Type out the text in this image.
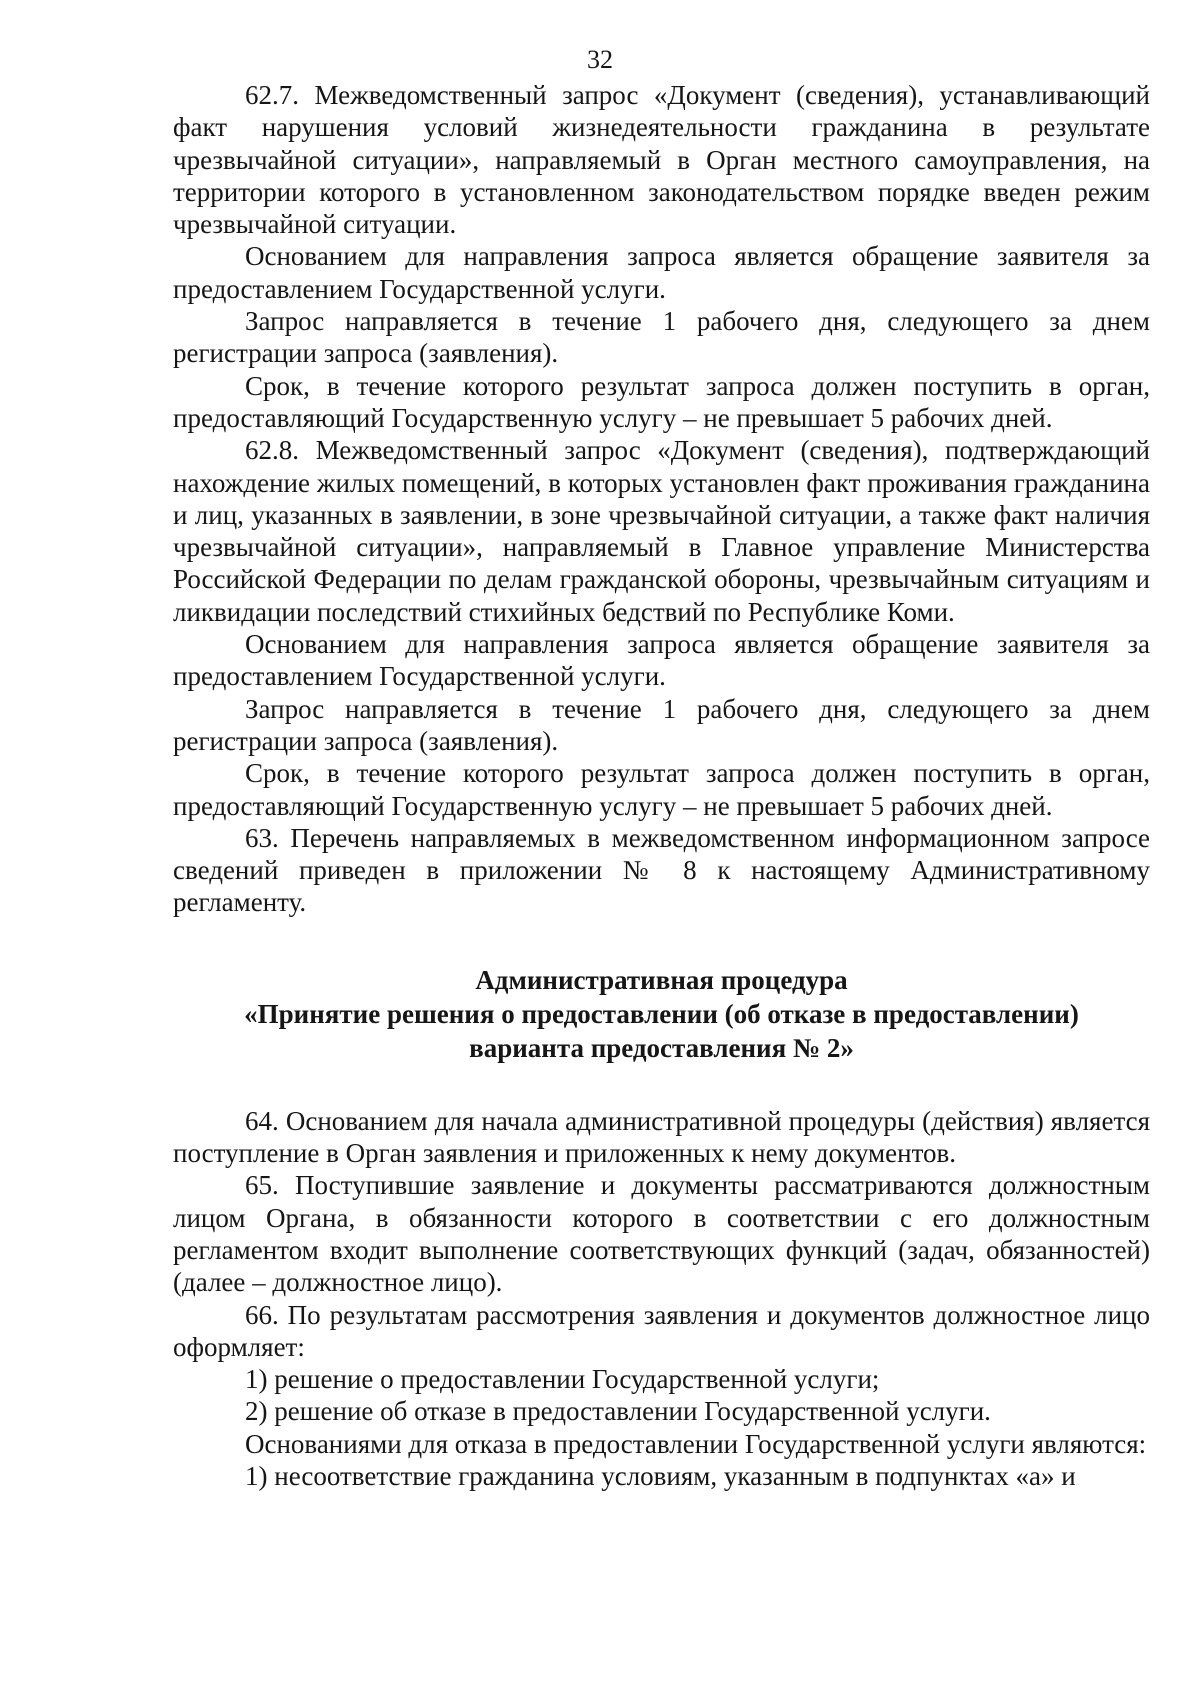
32

62.7. Межведомственный запрос «Документ (сведения), устанавливающий факт нарушения условий жизнедеятельности гражданина в результате чрезвычайной ситуации», направляемый в Орган местного самоуправления, на территории которого в установленном законодательством порядке введен режим чрезвычайной ситуации.

Основанием для направления запроса является обращение заявителя за предоставлением Государственной услуги.

Запрос направляется в течение 1 рабочего дня, следующего за днем регистрации запроса (заявления).

Срок, в течение которого результат запроса должен поступить в орган, предоставляющий Государственную услугу – не превышает 5 рабочих дней.

62.8. Межведомственный запрос «Документ (сведения), подтверждающий нахождение жилых помещений, в которых установлен факт проживания гражданина и лиц, указанных в заявлении, в зоне чрезвычайной ситуации, а также факт наличия чрезвычайной ситуации», направляемый в Главное управление Министерства Российской Федерации по делам гражданской обороны, чрезвычайным ситуациям и ликвидации последствий стихийных бедствий по Республике Коми.

Основанием для направления запроса является обращение заявителя за предоставлением Государственной услуги.

Запрос направляется в течение 1 рабочего дня, следующего за днем регистрации запроса (заявления).

Срок, в течение которого результат запроса должен поступить в орган, предоставляющий Государственную услугу – не превышает 5 рабочих дней.

63. Перечень направляемых в межведомственном информационном запросе сведений приведен в приложении № 8 к настоящему Административному регламенту.

Административная процедура
«Принятие решения о предоставлении (об отказе в предоставлении)
варианта предоставления № 2»

64. Основанием для начала административной процедуры (действия) является поступление в Орган заявления и приложенных к нему документов.

65. Поступившие заявление и документы рассматриваются должностным лицом Органа, в обязанности которого в соответствии с его должностным регламентом входит выполнение соответствующих функций (задач, обязанностей) (далее – должностное лицо).

66. По результатам рассмотрения заявления и документов должностное лицо оформляет:

1) решение о предоставлении Государственной услуги;

2) решение об отказе в предоставлении Государственной услуги.

Основаниями для отказа в предоставлении Государственной услуги являются:

1) несоответствие гражданина условиям, указанным в подпунктах «а» и
